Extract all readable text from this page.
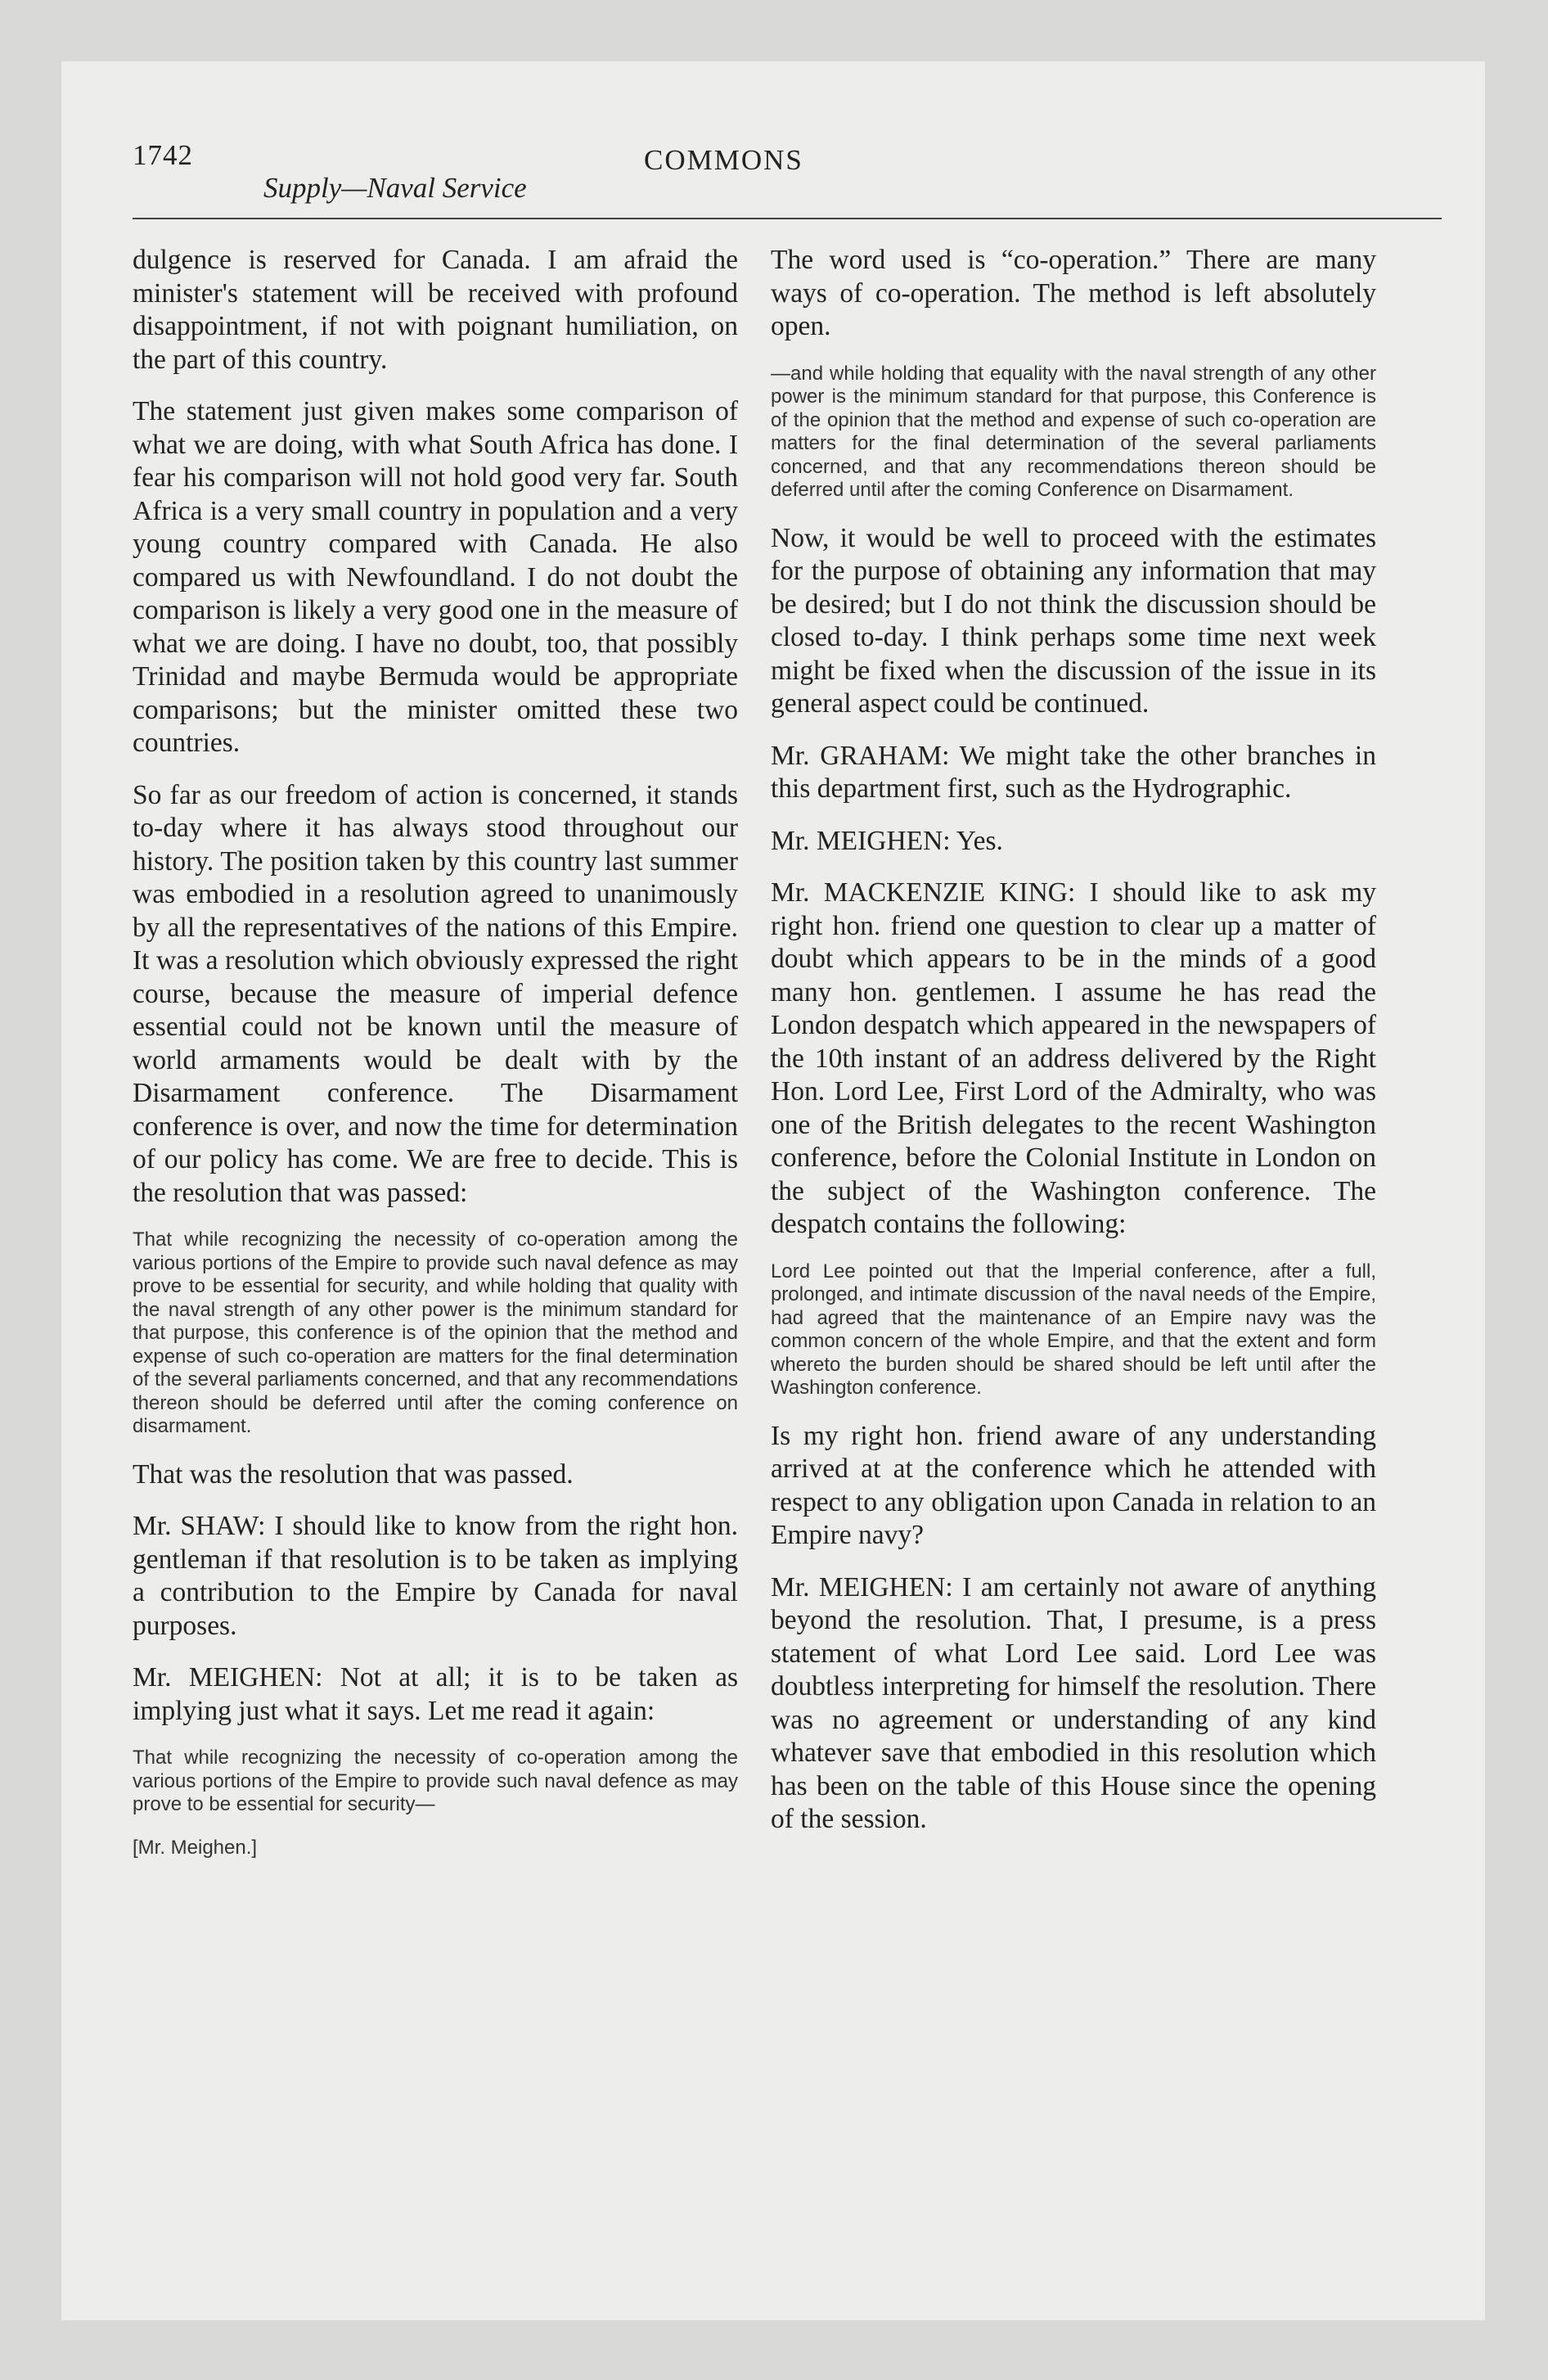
1742
Supply—Naval Service
COMMONS

dulgence is reserved for Canada. I am afraid the minister's statement will be received with profound disappointment, if not with poignant humiliation, on the part of this country.

The statement just given makes some comparison of what we are doing, with what South Africa has done. I fear his comparison will not hold good very far. South Africa is a very small country in population and a very young country compared with Canada. He also compared us with Newfoundland. I do not doubt the comparison is likely a very good one in the measure of what we are doing. I have no doubt, too, that possibly Trinidad and maybe Bermuda would be appropriate comparisons; but the minister omitted these two countries.

So far as our freedom of action is concerned, it stands to-day where it has always stood throughout our history. The position taken by this country last summer was embodied in a resolution agreed to unanimously by all the representatives of the nations of this Empire. It was a resolution which obviously expressed the right course, because the measure of imperial defence essential could not be known until the measure of world armaments would be dealt with by the Disarmament conference. The Disarmament conference is over, and now the time for determination of our policy has come. We are free to decide. This is the resolution that was passed:

That while recognizing the necessity of co-operation among the various portions of the Empire to provide such naval defence as may prove to be essential for security, and while holding that quality with the naval strength of any other power is the minimum standard for that purpose, this conference is of the opinion that the method and expense of such co-operation are matters for the final determination of the several parliaments concerned, and that any recommendations thereon should be deferred until after the coming conference on disarmament.

That was the resolution that was passed.

Mr. SHAW: I should like to know from the right hon. gentleman if that resolution is to be taken as implying a contribution to the Empire by Canada for naval purposes.

Mr. MEIGHEN: Not at all; it is to be taken as implying just what it says. Let me read it again:

That while recognizing the necessity of co-operation among the various portions of the Empire to provide such naval defence as may prove to be essential for security—

[Mr. Meighen.]

The word used is “co-operation.” There are many ways of co-operation. The method is left absolutely open.

—and while holding that equality with the naval strength of any other power is the minimum standard for that purpose, this Conference is of the opinion that the method and expense of such co-operation are matters for the final determination of the several parliaments concerned, and that any recommendations thereon should be deferred until after the coming Conference on Disarmament.

Now, it would be well to proceed with the estimates for the purpose of obtaining any information that may be desired; but I do not think the discussion should be closed to-day. I think perhaps some time next week might be fixed when the discussion of the issue in its general aspect could be continued.

Mr. GRAHAM: We might take the other branches in this department first, such as the Hydrographic.

Mr. MEIGHEN: Yes.

Mr. MACKENZIE KING: I should like to ask my right hon. friend one question to clear up a matter of doubt which appears to be in the minds of a good many hon. gentlemen. I assume he has read the London despatch which appeared in the newspapers of the 10th instant of an address delivered by the Right Hon. Lord Lee, First Lord of the Admiralty, who was one of the British delegates to the recent Washington conference, before the Colonial Institute in London on the subject of the Washington conference. The despatch contains the following:

Lord Lee pointed out that the Imperial conference, after a full, prolonged, and intimate discussion of the naval needs of the Empire, had agreed that the maintenance of an Empire navy was the common concern of the whole Empire, and that the extent and form whereto the burden should be shared should be left until after the Washington conference.

Is my right hon. friend aware of any understanding arrived at at the conference which he attended with respect to any obligation upon Canada in relation to an Empire navy?

Mr. MEIGHEN: I am certainly not aware of anything beyond the resolution. That, I presume, is a press statement of what Lord Lee said. Lord Lee was doubtless interpreting for himself the resolution. There was no agreement or understanding of any kind whatever save that embodied in this resolution which has been on the table of this House since the opening of the session.
